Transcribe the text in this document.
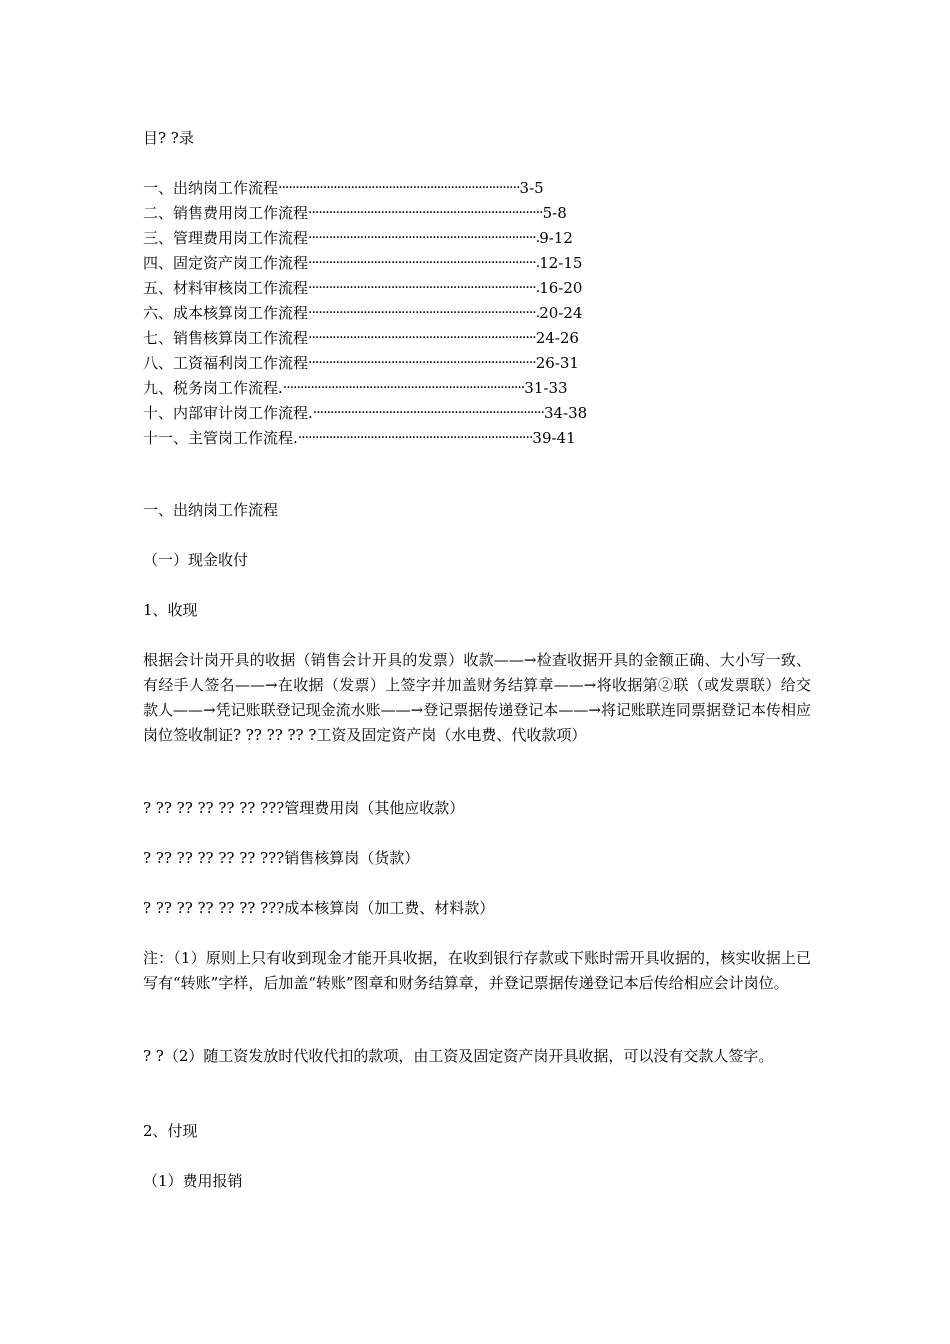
目? ?录
一、出纳岗工作流程 ······································································ 3-5
二、销售费用岗工作流程 ···································································· 5-8
三、管理费用岗工作流程 ··································································. 9-12
四、固定资产岗工作流程 ··································································. 12-15
五、材料审核岗工作流程 ··································································. 16-20
六、成本核算岗工作流程 ··································································. 20-24
七、销售核算岗工作流程 ·································································· 24-26
八、工资福利岗工作流程 ·································································· 26-31
九、税务岗工作流程. ······································································ 31-33
十、内部审计岗工作流程. ··································································· 34-38
十一、主管岗工作流程. ···································································· 39-41
一、出纳岗工作流程
（一）现金收付
1、收现
根据会计岗开具的收据（销售会计开具的发票）收款——→检查收据开具的金额正确、大小写一致、有经手人签名——→在收据（发票）上签字并加盖财务结算章——→将收据第②联（或发票联）给交款人——→凭记账联登记现金流水账——→登记票据传递登记本——→将记账联连同票据登记本传相应岗位签收制证? ?? ?? ?? ?工资及固定资产岗（水电费、代收款项）
? ?? ?? ?? ?? ?? ???管理费用岗（其他应收款）
? ?? ?? ?? ?? ?? ???销售核算岗（货款）
? ?? ?? ?? ?? ?? ???成本核算岗（加工费、材料款）
注：（1）原则上只有收到现金才能开具收据，在收到银行存款或下账时需开具收据的，核实收据上已写有“转账”字样，后加盖“转账”图章和财务结算章，并登记票据传递登记本后传给相应会计岗位。
? ?（2）随工资发放时代收代扣的款项，由工资及固定资产岗开具收据，可以没有交款人签字。
2、付现
（1）费用报销
